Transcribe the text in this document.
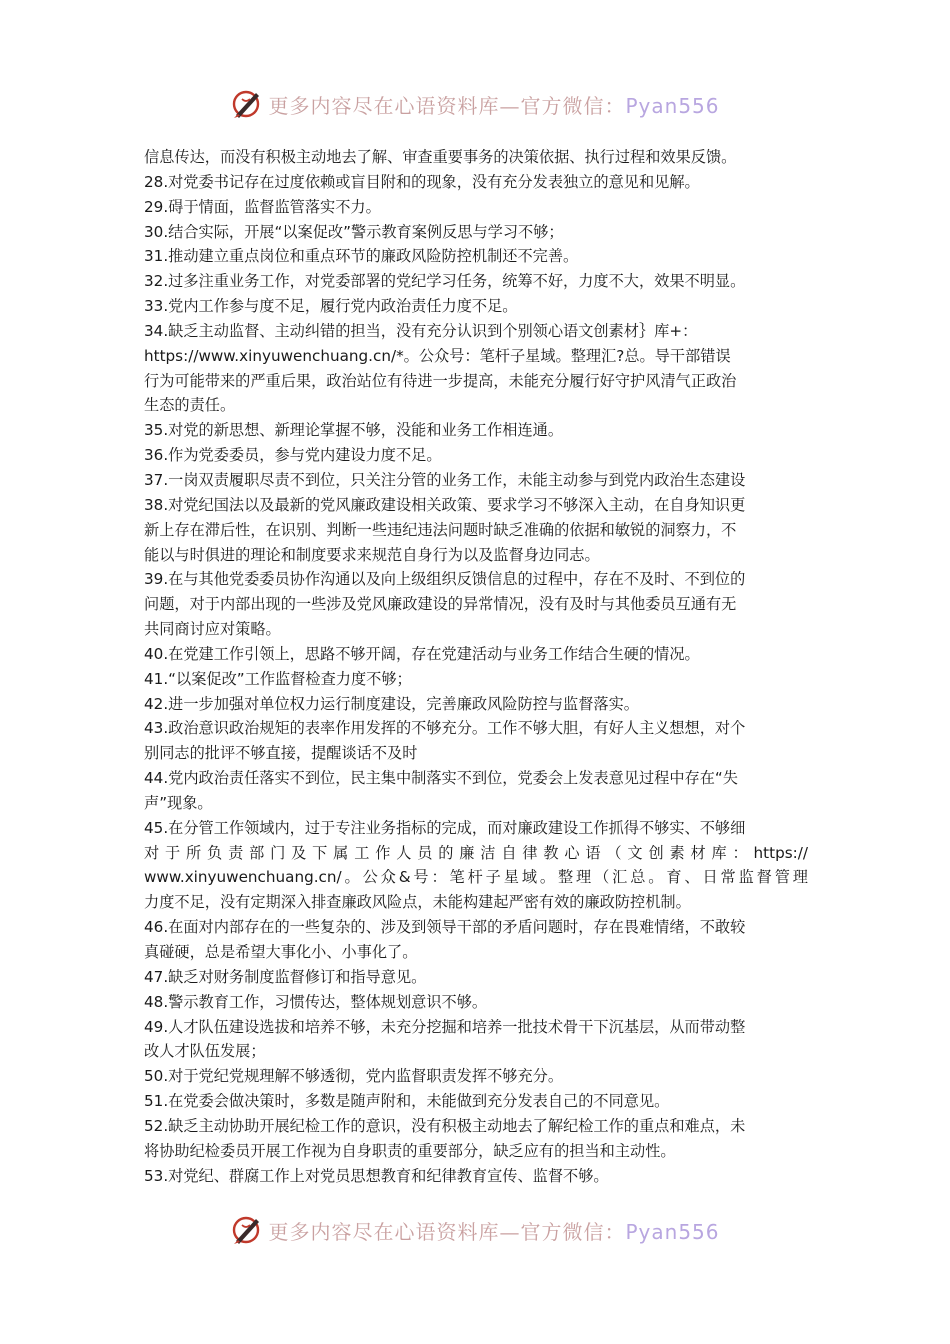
更多内容尽在心语资料库—官方微信：Pyan556
信息传达，而没有积极主动地去了解、审查重要事务的决策依据、执行过程和效果反馈。
28.对党委书记存在过度依赖或盲目附和的现象，没有充分发表独立的意见和见解。
29.碍于情面，监督监管落实不力。
30.结合实际，开展“以案促改”警示教育案例反思与学习不够；
31.推动建立重点岗位和重点环节的廉政风险防控机制还不完善。
32.过多注重业务工作，对党委部署的党纪学习任务，统筹不好，力度不大，效果不明显。
33.党内工作参与度不足，履行党内政治责任力度不足。
34.缺乏主动监督、主动纠错的担当，没有充分认识到个别领心语文创素材｝库+：
https://www.xinyuwenchuang.cn/*。公众号：笔杆子星域。整理汇?总。导干部错误
行为可能带来的严重后果，政治站位有待进一步提高，未能充分履行好守护风清气正政治
生态的责任。
35.对党的新思想、新理论掌握不够，没能和业务工作相连通。
36.作为党委委员，参与党内建设力度不足。
37.一岗双责履职尽责不到位，只关注分管的业务工作，未能主动参与到党内政治生态建设
38.对党纪国法以及最新的党风廉政建设相关政策、要求学习不够深入主动，在自身知识更
新上存在滞后性，在识别、判断一些违纪违法问题时缺乏准确的依据和敏锐的洞察力，不
能以与时俱进的理论和制度要求来规范自身行为以及监督身边同志。
39.在与其他党委委员协作沟通以及向上级组织反馈信息的过程中，存在不及时、不到位的
问题，对于内部出现的一些涉及党风廉政建设的异常情况，没有及时与其他委员互通有无
共同商讨应对策略。
40.在党建工作引领上，思路不够开阔，存在党建活动与业务工作结合生硬的情况。
41.“以案促改”工作监督检查力度不够；
42.进一步加强对单位权力运行制度建设，完善廉政风险防控与监督落实。
43.政治意识政治规矩的表率作用发挥的不够充分。工作不够大胆，有好人主义想想，对个
别同志的批评不够直接，提醒谈话不及时
44.党内政治责任落实不到位，民主集中制落实不到位，党委会上发表意见过程中存在“失
声”现象。
45.在分管工作领域内，过于专注业务指标的完成，而对廉政建设工作抓得不够实、不够细
对于所负责部门及下属工作人员的廉洁自律教心语（文创素材库：https://
www.xinyuwenchuang.cn/。公众&号：笔杆子星域。整理（汇总。育、日常监督管理
力度不足，没有定期深入排查廉政风险点，未能构建起严密有效的廉政防控机制。
46.在面对内部存在的一些复杂的、涉及到领导干部的矛盾问题时，存在畏难情绪，不敢较
真碰硬，总是希望大事化小、小事化了。
47.缺乏对财务制度监督修订和指导意见。
48.警示教育工作，习惯传达，整体规划意识不够。
49.人才队伍建设选拔和培养不够，未充分挖掘和培养一批技术骨干下沉基层，从而带动整
改人才队伍发展；
50.对于党纪党规理解不够透彻，党内监督职责发挥不够充分。
51.在党委会做决策时，多数是随声附和，未能做到充分发表自己的不同意见。
52.缺乏主动协助开展纪检工作的意识，没有积极主动地去了解纪检工作的重点和难点，未
将协助纪检委员开展工作视为自身职责的重要部分，缺乏应有的担当和主动性。
53.对党纪、群腐工作上对党员思想教育和纪律教育宣传、监督不够。
更多内容尽在心语资料库—官方微信：Pyan556
